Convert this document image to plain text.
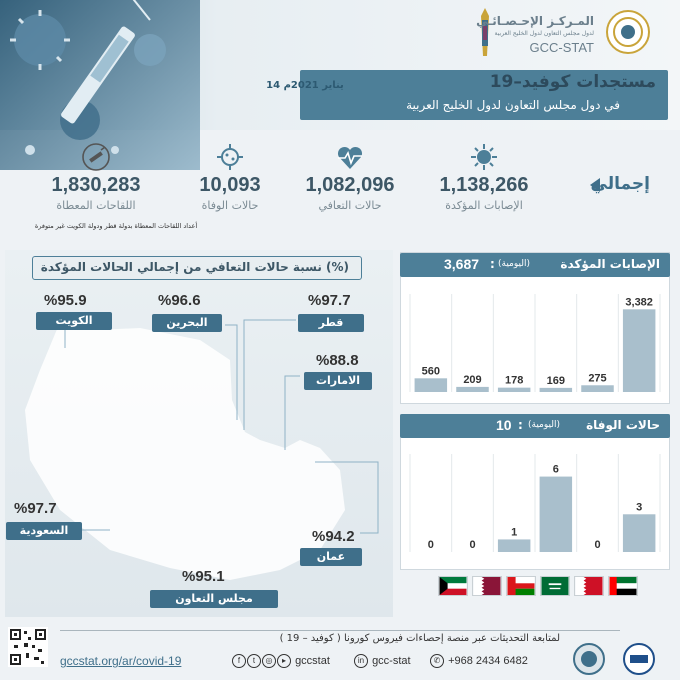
المـركـز الإحـصـائـي
لدول مجلس التعاون لدول الخليج العربية
GCC-STAT
14 يناير 2021م	مستجدات كوفيد–19
في دول مجلس التعاون لدول الخليج العربية
إجمالي
1,138,266
الإصابات المؤكدة
1,082,096
حالات التعافي
10,093
حالات الوفاة
1,830,283
اللقاحات المعطاة
أعداد اللقاحات المعطاة بدولة قطر ودولة الكويت غير متوفرة
نسبة حالات التعافي من إجمالي الحالات المؤكدة (%)
%95.9
الكويت
%96.6
البحرين
%97.7
قطر
%88.8
الامارات
%97.7
السعودية	%94.2
عمان
%95.1
مجلس التعاون
الإصابات المؤكدة
(اليومية)
:
3,687
3,382
275
169
178
209
560
حالات الوفاة
(اليومية)
:
10
3
0
6
1
0
0
لمتابعة التحديثات عبر منصة إحصاءات فيروس كورونا ( كوفيد – 19 )
gccstat.org/ar/covid-19	f t ◎ ▸ gccstat	in gcc-stat	✆ +968 2434 6482
